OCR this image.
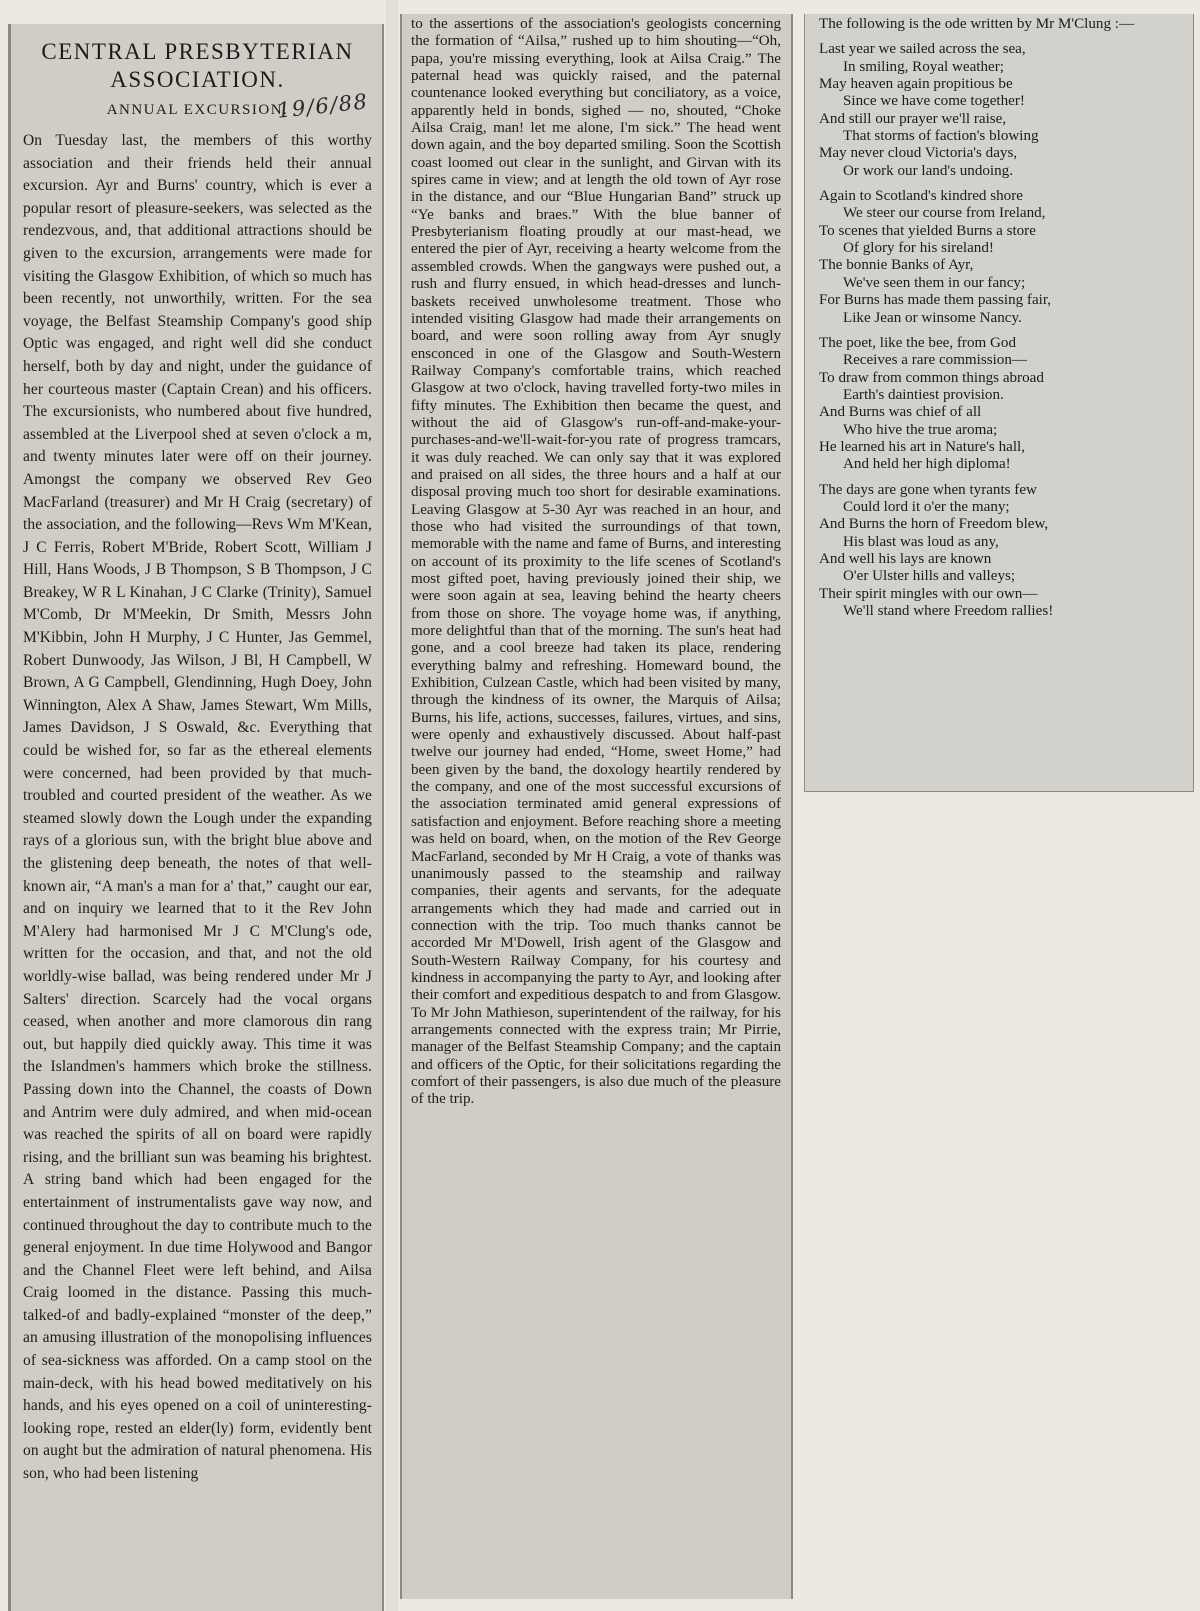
CENTRAL PRESBYTERIAN
ASSOCIATION.
ANNUAL EXCURSION.
19/6/88

On Tuesday last, the members of this worthy association and their friends held their annual excursion. Ayr and Burns' country, which is ever a popular resort of pleasure-seekers, was selected as the rendezvous, and, that additional attractions should be given to the excursion, arrangements were made for visiting the Glasgow Exhibition, of which so much has been recently, not unworthily, written. For the sea voyage, the Belfast Steamship Company's good ship Optic was engaged, and right well did she conduct herself, both by day and night, under the guidance of her courteous master (Captain Crean) and his officers. The excursionists, who numbered about five hundred, assembled at the Liverpool shed at seven o'clock a m, and twenty minutes later were off on their journey. Amongst the company we observed Rev Geo MacFarland (treasurer) and Mr H Craig (secretary) of the association, and the following—Revs Wm M'Kean, J C Ferris, Robert M'Bride, Robert Scott, William J Hill, Hans Woods, J B Thompson, S B Thompson, J C Breakey, W R L Kinahan, J C Clarke (Trinity), Samuel M'Comb, Dr M'Meekin, Dr Smith, Messrs John M'Kibbin, John H Murphy, J C Hunter, Jas Gemmel, Robert Dunwoody, Jas Wilson, J Bl, H Campbell, W Brown, A G Campbell, Glendinning, Hugh Doey, John Winnington, Alex A Shaw, James Stewart, Wm Mills, James Davidson, J S Oswald, &c. Everything that could be wished for, so far as the ethereal elements were concerned, had been provided by that much-troubled and courted president of the weather. As we steamed slowly down the Lough under the expanding rays of a glorious sun, with the bright blue above and the glistening deep beneath, the notes of that well-known air, “A man's a man for a' that,” caught our ear, and on inquiry we learned that to it the Rev John M'Alery had harmonised Mr J C M'Clung's ode, written for the occasion, and that, and not the old worldly-wise ballad, was being rendered under Mr J Salters' direction. Scarcely had the vocal organs ceased, when another and more clamorous din rang out, but happily died quickly away. This time it was the Islandmen's hammers which broke the stillness. Passing down into the Channel, the coasts of Down and Antrim were duly admired, and when mid-ocean was reached the spirits of all on board were rapidly rising, and the brilliant sun was beaming his brightest. A string band which had been engaged for the entertainment of instrumentalists gave way now, and continued throughout the day to contribute much to the general enjoyment. In due time Holywood and Bangor and the Channel Fleet were left behind, and Ailsa Craig loomed in the distance. Passing this much-talked-of and badly-explained “monster of the deep,” an amusing illustration of the monopolising influences of sea-sickness was afforded. On a camp stool on the main-deck, with his head bowed meditatively on his hands, and his eyes opened on a coil of uninteresting-looking rope, rested an elder(ly) form, evidently bent on aught but the admiration of natural phenomena. His son, who had been listening

to the assertions of the association's geologists concerning the formation of “Ailsa,” rushed up to him shouting—“Oh, papa, you're missing everything, look at Ailsa Craig.” The paternal head was quickly raised, and the paternal countenance looked everything but conciliatory, as a voice, apparently held in bonds, sighed — no, shouted, “Choke Ailsa Craig, man! let me alone, I'm sick.” The head went down again, and the boy departed smiling. Soon the Scottish coast loomed out clear in the sunlight, and Girvan with its spires came in view; and at length the old town of Ayr rose in the distance, and our “Blue Hungarian Band” struck up “Ye banks and braes.” With the blue banner of Presbyterianism floating proudly at our mast-head, we entered the pier of Ayr, receiving a hearty welcome from the assembled crowds. When the gangways were pushed out, a rush and flurry ensued, in which head-dresses and lunch-baskets received unwholesome treatment. Those who intended visiting Glasgow had made their arrangements on board, and were soon rolling away from Ayr snugly ensconced in one of the Glasgow and South-Western Railway Company's comfortable trains, which reached Glasgow at two o'clock, having travelled forty-two miles in fifty minutes. The Exhibition then became the quest, and without the aid of Glasgow's run-off-and-make-your-purchases-and-we'll-wait-for-you rate of progress tramcars, it was duly reached. We can only say that it was explored and praised on all sides, the three hours and a half at our disposal proving much too short for desirable examinations. Leaving Glasgow at 5-30 Ayr was reached in an hour, and those who had visited the surroundings of that town, memorable with the name and fame of Burns, and interesting on account of its proximity to the life scenes of Scotland's most gifted poet, having previously joined their ship, we were soon again at sea, leaving behind the hearty cheers from those on shore. The voyage home was, if anything, more delightful than that of the morning. The sun's heat had gone, and a cool breeze had taken its place, rendering everything balmy and refreshing. Homeward bound, the Exhibition, Culzean Castle, which had been visited by many, through the kindness of its owner, the Marquis of Ailsa; Burns, his life, actions, successes, failures, virtues, and sins, were openly and exhaustively discussed. About half-past twelve our journey had ended, “Home, sweet Home,” had been given by the band, the doxology heartily rendered by the company, and one of the most successful excursions of the association terminated amid general expressions of satisfaction and enjoyment. Before reaching shore a meeting was held on board, when, on the motion of the Rev George MacFarland, seconded by Mr H Craig, a vote of thanks was unanimously passed to the steamship and railway companies, their agents and servants, for the adequate arrangements which they had made and carried out in connection with the trip. Too much thanks cannot be accorded Mr M'Dowell, Irish agent of the Glasgow and South-Western Railway Company, for his courtesy and kindness in accompanying the party to Ayr, and looking after their comfort and expeditious despatch to and from Glasgow. To Mr John Mathieson, superintendent of the railway, for his arrangements connected with the express train; Mr Pirrie, manager of the Belfast Steamship Company; and the captain and officers of the Optic, for their solicitations regarding the comfort of their passengers, is also due much of the pleasure of the trip.

The following is the ode written by Mr M'Clung :—

Last year we sailed across the sea,
In smiling, Royal weather;
May heaven again propitious be
Since we have come together!
And still our prayer we'll raise,
That storms of faction's blowing
May never cloud Victoria's days,
Or work our land's undoing.
Again to Scotland's kindred shore
We steer our course from Ireland,
To scenes that yielded Burns a store
Of glory for his sireland!
The bonnie Banks of Ayr,
We've seen them in our fancy;
For Burns has made them passing fair,
Like Jean or winsome Nancy.
The poet, like the bee, from God
Receives a rare commission—
To draw from common things abroad
Earth's daintiest provision.
And Burns was chief of all
Who hive the true aroma;
He learned his art in Nature's hall,
And held her high diploma!
The days are gone when tyrants few
Could lord it o'er the many;
And Burns the horn of Freedom blew,
His blast was loud as any,
And well his lays are known
O'er Ulster hills and valleys;
Their spirit mingles with our own—
We'll stand where Freedom rallies!
